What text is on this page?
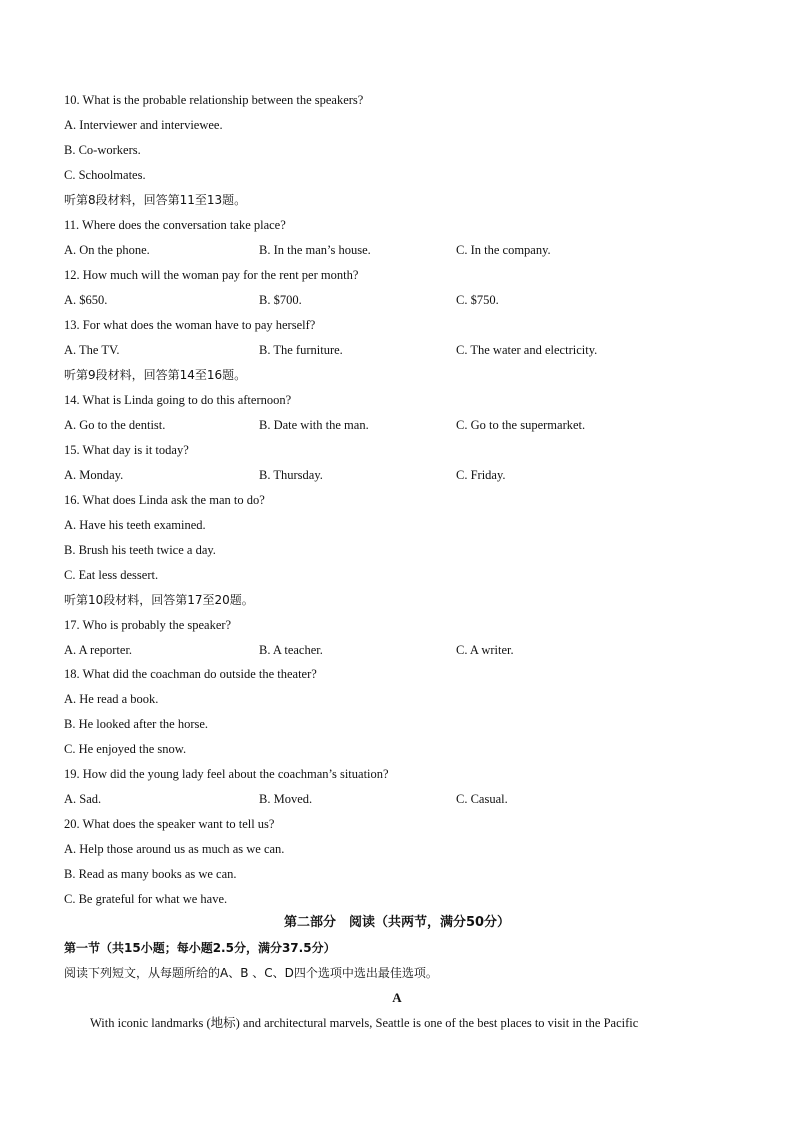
10. What is the probable relationship between the speakers?
A. Interviewer and interviewee.
B. Co-workers.
C. Schoolmates.
听第8段材料，回答第11至13题。
11. Where does the conversation take place?
A. On the phone.	B. In the man’s house.	C. In the company.
12. How much will the woman pay for the rent per month?
A. $650.	B. $700.	C. $750.
13. For what does the woman have to pay herself?
A. The TV.	B. The furniture.	C. The water and electricity.
听第9段材料，回答第14至16题。
14. What is Linda going to do this afternoon?
A. Go to the dentist.	B. Date with the man.	C. Go to the supermarket.
15. What day is it today?
A. Monday.	B. Thursday.	C. Friday.
16. What does Linda ask the man to do?
A. Have his teeth examined.
B. Brush his teeth twice a day.
C. Eat less dessert.
听第10段材料，回答第17至20题。
17. Who is probably the speaker?
A. A reporter.	B. A teacher.	C. A writer.
18. What did the coachman do outside the theater?
A. He read a book.
B. He looked after the horse.
C. He enjoyed the snow.
19. How did the young lady feel about the coachman’s situation?
A. Sad.	B. Moved.	C. Casual.
20. What does the speaker want to tell us?
A. Help those around us as much as we can.
B. Read as many books as we can.
C. Be grateful for what we have.
第二部分　阅读（共两节，满分50分）
第一节（共15小题；每小题2.5分，满分37.5分）
阅读下列短文，从每题所给的A、B 、C、D四个选项中选出最佳选项。
A
With iconic landmarks (地标) and architectural marvels, Seattle is one of the best places to visit in the Pacific
